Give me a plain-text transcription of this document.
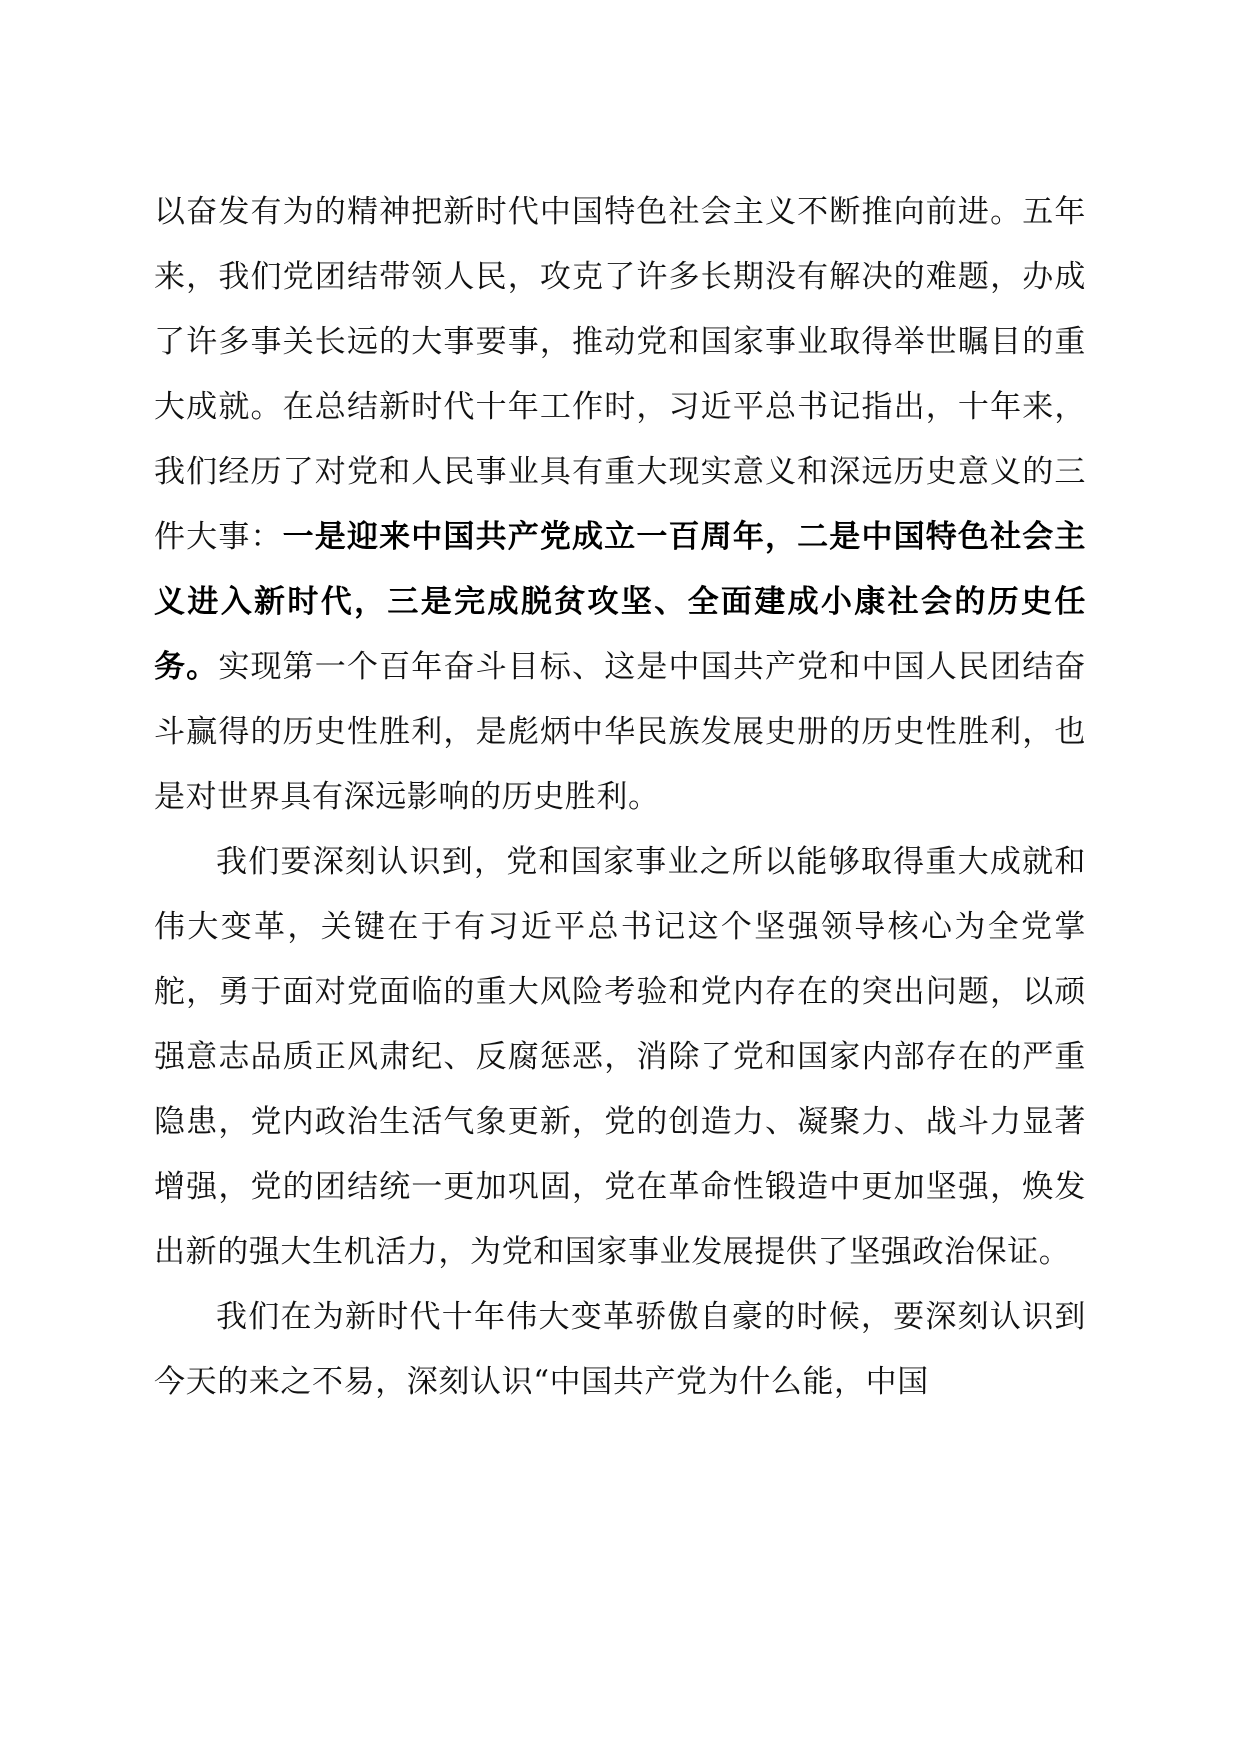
以奋发有为的精神把新时代中国特色社会主义不断推向前进。五年来，我们党团结带领人民，攻克了许多长期没有解决的难题，办成了许多事关长远的大事要事，推动党和国家事业取得举世瞩目的重大成就。在总结新时代十年工作时，习近平总书记指出，十年来，我们经历了对党和人民事业具有重大现实意义和深远历史意义的三件大事：一是迎来中国共产党成立一百周年，二是中国特色社会主义进入新时代，三是完成脱贫攻坚、全面建成小康社会的历史任务。实现第一个百年奋斗目标、这是中国共产党和中国人民团结奋斗赢得的历史性胜利，是彪炳中华民族发展史册的历史性胜利，也是对世界具有深远影响的历史胜利。

我们要深刻认识到，党和国家事业之所以能够取得重大成就和伟大变革，关键在于有习近平总书记这个坚强领导核心为全党掌舵，勇于面对党面临的重大风险考验和党内存在的突出问题，以顽强意志品质正风肃纪、反腐惩恶，消除了党和国家内部存在的严重隐患，党内政治生活气象更新，党的创造力、凝聚力、战斗力显著增强，党的团结统一更加巩固，党在革命性锻造中更加坚强，焕发出新的强大生机活力，为党和国家事业发展提供了坚强政治保证。

我们在为新时代十年伟大变革骄傲自豪的时候，要深刻认识到今天的来之不易，深刻认识“中国共产党为什么能，中国
